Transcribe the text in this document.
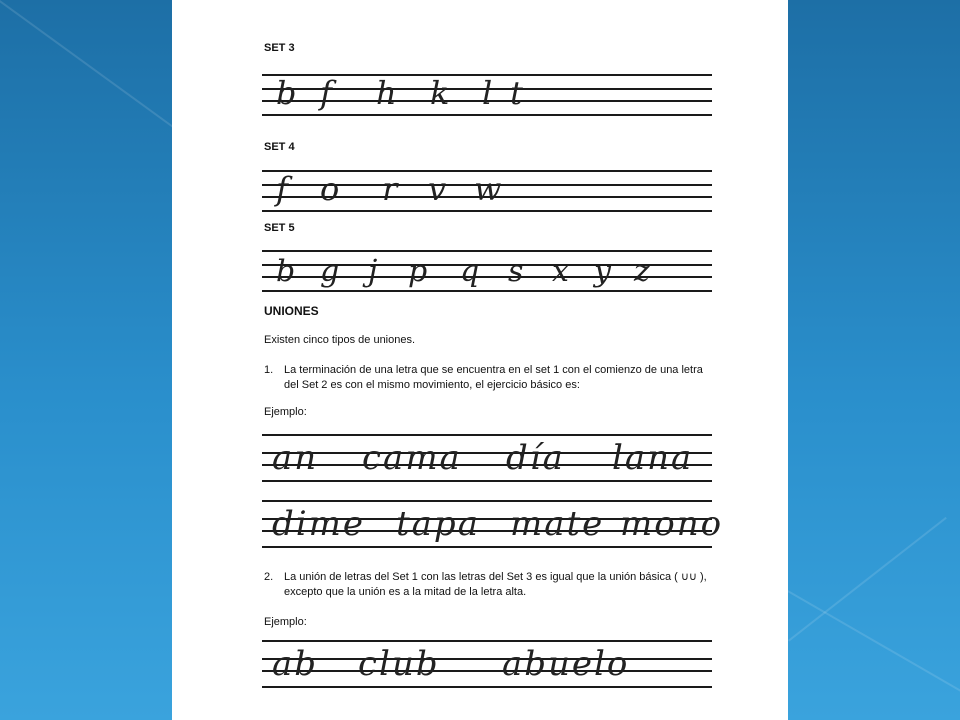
SET 3
b f h k l t
SET 4
f o r v w
SET 5
b g j p q s x y z
UNIONES
Existen cinco tipos de uniones.
1. La terminación de una letra que se encuentra en el set 1 con el comienzo de una letra del Set 2 es con el mismo movimiento, el ejercicio básico es:
Ejemplo:
an cama día lana
dime tapa mate mono
2. La unión de letras del Set 1 con las letras del Set 3 es igual que la unión básica ( ∪∪ ), excepto que la unión es a la mitad de la letra alta.
Ejemplo:
ab club abuelo
